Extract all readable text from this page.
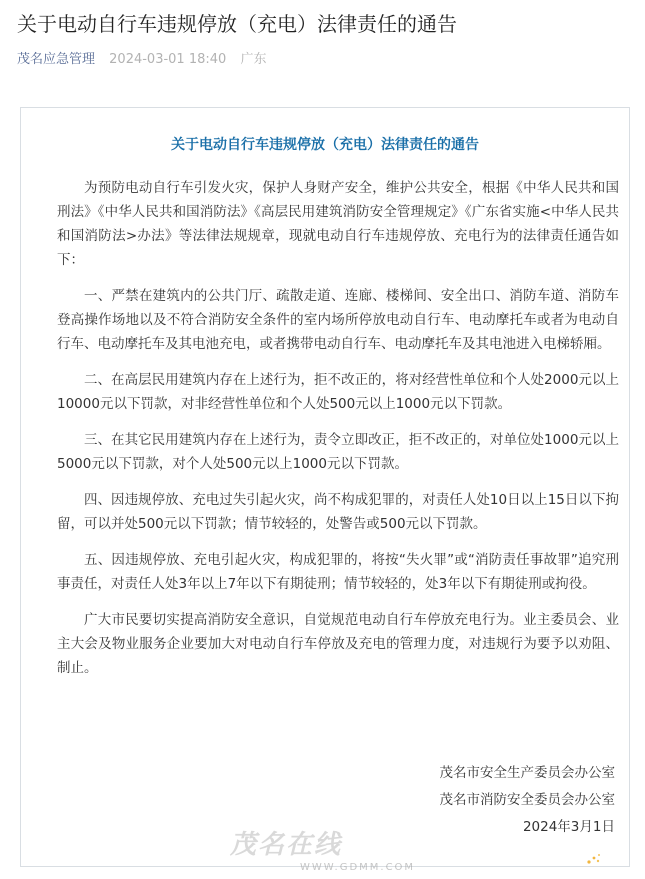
关于电动自行车违规停放（充电）法律责任的通告
茂名应急管理 2024-03-01 18:40 广东
关于电动自行车违规停放（充电）法律责任的通告

为预防电动自行车引发火灾，保护人身财产安全，维护公共安全，根据《中华人民共和国刑法》《中华人民共和国消防法》《高层民用建筑消防安全管理规定》《广东省实施<中华人民共和国消防法>办法》等法律法规规章，现就电动自行车违规停放、充电行为的法律责任通告如下：

一、严禁在建筑内的公共门厅、疏散走道、连廊、楼梯间、安全出口、消防车道、消防车登高操作场地以及不符合消防安全条件的室内场所停放电动自行车、电动摩托车或者为电动自行车、电动摩托车及其电池充电，或者携带电动自行车、电动摩托车及其电池进入电梯轿厢。

二、在高层民用建筑内存在上述行为，拒不改正的，将对经营性单位和个人处2000元以上10000元以下罚款，对非经营性单位和个人处500元以上1000元以下罚款。

三、在其它民用建筑内存在上述行为，责令立即改正，拒不改正的，对单位处1000元以上5000元以下罚款，对个人处500元以上1000元以下罚款。

四、因违规停放、充电过失引起火灾，尚不构成犯罪的，对责任人处10日以上15日以下拘留，可以并处500元以下罚款；情节较轻的，处警告或500元以下罚款。

五、因违规停放、充电引起火灾，构成犯罪的，将按“失火罪”或“消防责任事故罪”追究刑事责任，对责任人处3年以上7年以下有期徒刑；情节较轻的，处3年以下有期徒刑或拘役。

广大市民要切实提高消防安全意识，自觉规范电动自行车停放充电行为。业主委员会、业主大会及物业服务企业要加大对电动自行车停放及充电的管理力度，对违规行为要予以劝阻、制止。

茂名市安全生产委员会办公室
茂名市消防安全委员会办公室
2024年3月1日
茂名在线
WWW.GDMM.COM
